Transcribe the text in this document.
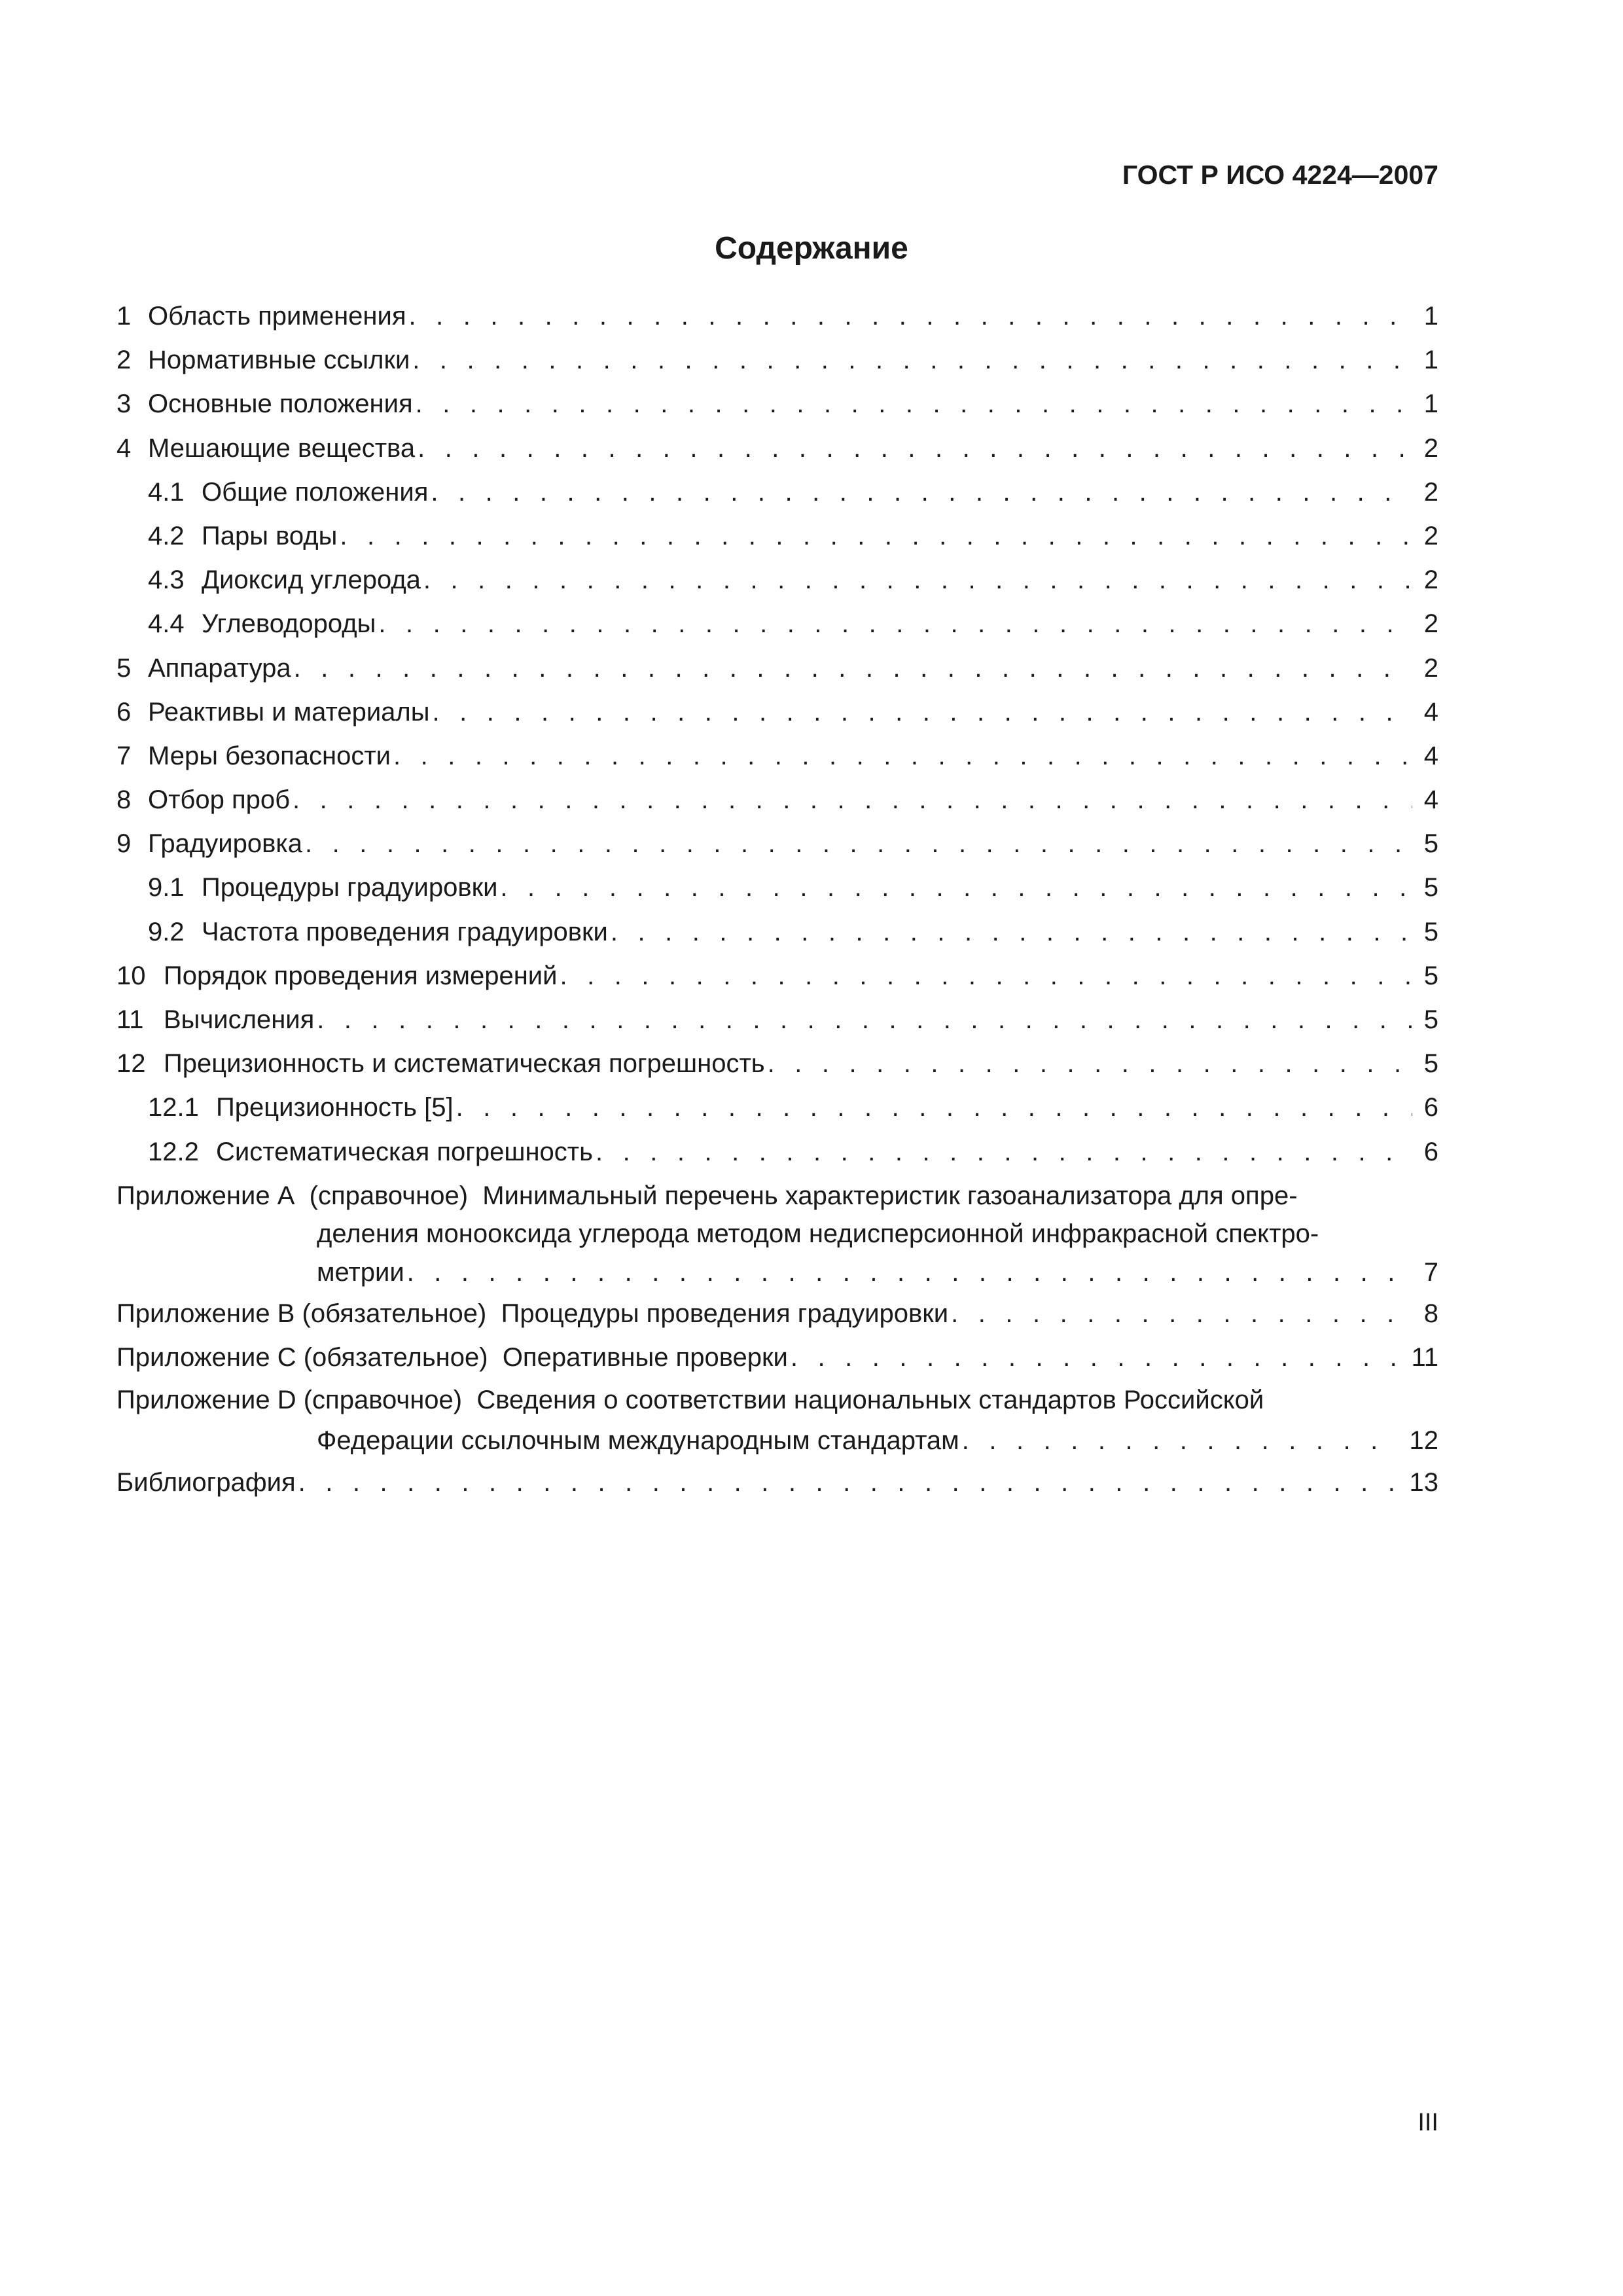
ГОСТ Р ИСО 4224—2007
Содержание
1 Область применения . . .	1
2 Нормативные ссылки . . .	1
3 Основные положения . . .	1
4 Мешающие вещества . . .	2
4.1 Общие положения . . .	2
4.2 Пары воды . . .	2
4.3 Диоксид углерода . . .	2
4.4 Углеводороды . . .	2
5 Аппаратура . . .	2
6 Реактивы и материалы . . .	4
7 Меры безопасности . . .	4
8 Отбор проб . . .	4
9 Градуировка . . .	5
9.1 Процедуры градуировки . . .	5
9.2 Частота проведения градуировки . . .	5
10 Порядок проведения измерений . . .	5
11 Вычисления . . .	5
12 Прецизионность и систематическая погрешность . . .	5
12.1 Прецизионность [5] . . .	6
12.2 Систематическая погрешность . . .	6
Приложение А (справочное) Минимальный перечень характеристик газоанализатора для опре-
деления монооксида углерода методом недисперсионной инфракрасной спектро-
метрии . . .	7
Приложение В (обязательное) Процедуры проведения градуировки . . .	8
Приложение С (обязательное) Оперативные проверки . . .	11
Приложение D (справочное) Сведения о соответствии национальных стандартов Российской
Федерации ссылочным международным стандартам . . .	12
Библиография . . .	13
III
